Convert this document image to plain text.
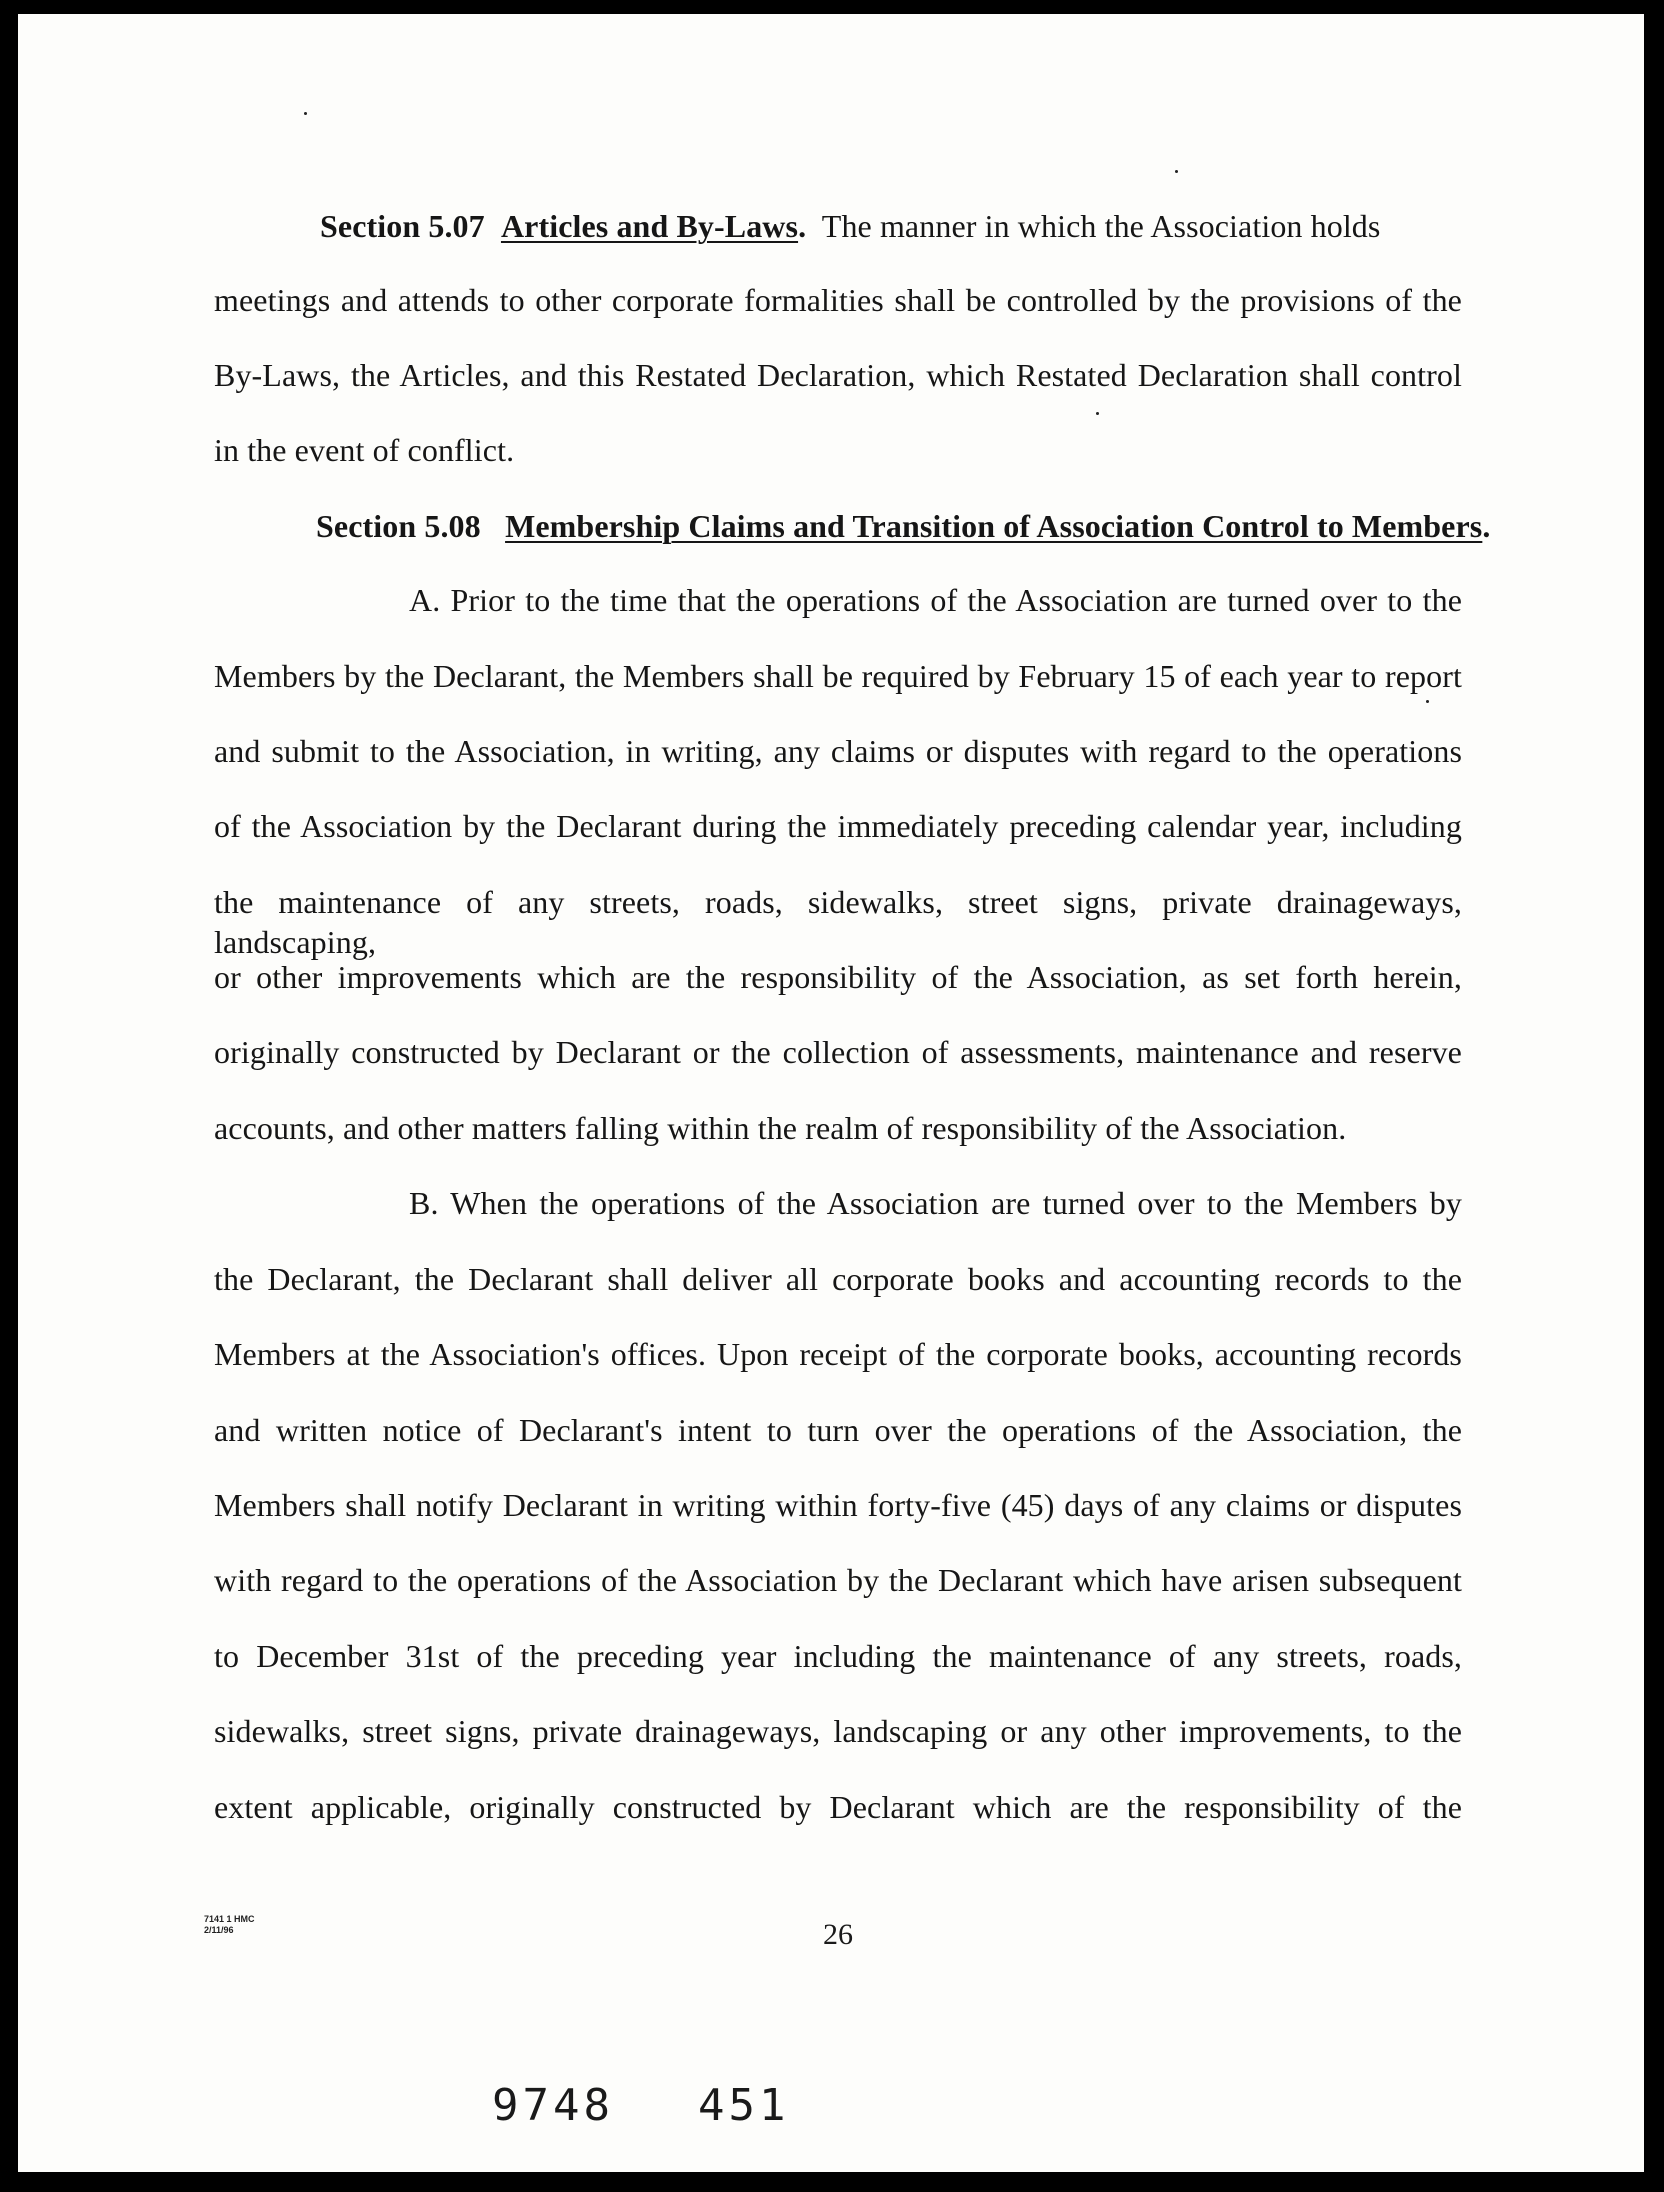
Section 5.07 Articles and By-Laws. The manner in which the Association holds
meetings and attends to other corporate formalities shall be controlled by the provisions of the
By-Laws, the Articles, and this Restated Declaration, which Restated Declaration shall control
in the event of conflict.
Section 5.08 Membership Claims and Transition of Association Control to Members.
A. Prior to the time that the operations of the Association are turned over to the
Members by the Declarant, the Members shall be required by February 15 of each year to report
and submit to the Association, in writing, any claims or disputes with regard to the operations
of the Association by the Declarant during the immediately preceding calendar year, including
the maintenance of any streets, roads, sidewalks, street signs, private drainageways, landscaping,
or other improvements which are the responsibility of the Association, as set forth herein,
originally constructed by Declarant or the collection of assessments, maintenance and reserve
accounts, and other matters falling within the realm of responsibility of the Association.
B. When the operations of the Association are turned over to the Members by
the Declarant, the Declarant shall deliver all corporate books and accounting records to the
Members at the Association's offices. Upon receipt of the corporate books, accounting records
and written notice of Declarant's intent to turn over the operations of the Association, the
Members shall notify Declarant in writing within forty-five (45) days of any claims or disputes
with regard to the operations of the Association by the Declarant which have arisen subsequent
to December 31st of the preceding year including the maintenance of any streets, roads,
sidewalks, street signs, private drainageways, landscaping or any other improvements, to the
extent applicable, originally constructed by Declarant which are the responsibility of the
7141 1 HMC
2/11/96	26
9748 451
